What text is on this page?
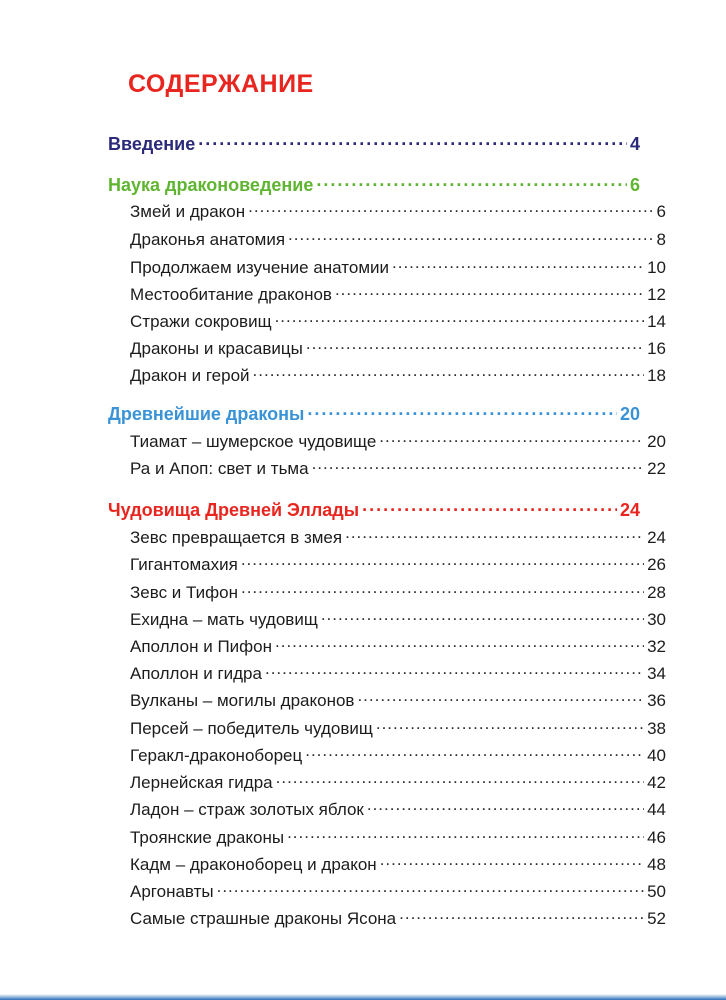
СОДЕРЖАНИЕ
Введение .....	4
Наука драконоведение .....	6
Змей и дракон .....	6
Драконья анатомия .....	8
Продолжаем изучение анатомии .....	10
Местообитание драконов .....	12
Стражи сокровищ .....	14
Драконы и красавицы .....	16
Дракон и герой .....	18
Древнейшие драконы .....	20
Тиамат – шумерское чудовище .....	20
Ра и Апоп: свет и тьма .....	22
Чудовища Древней Эллады .....	24
Зевс превращается в змея .....	24
Гигантомахия .....	26
Зевс и Тифон .....	28
Ехидна – мать чудовищ .....	30
Аполлон и Пифон .....	32
Аполлон и гидра .....	34
Вулканы – могилы драконов .....	36
Персей – победитель чудовищ .....	38
Геракл-драконоборец .....	40
Лернейская гидра .....	42
Ладон – страж золотых яблок .....	44
Троянские драконы .....	46
Кадм – драконоборец и дракон .....	48
Аргонавты .....	50
Самые страшные драконы Ясона .....	52
